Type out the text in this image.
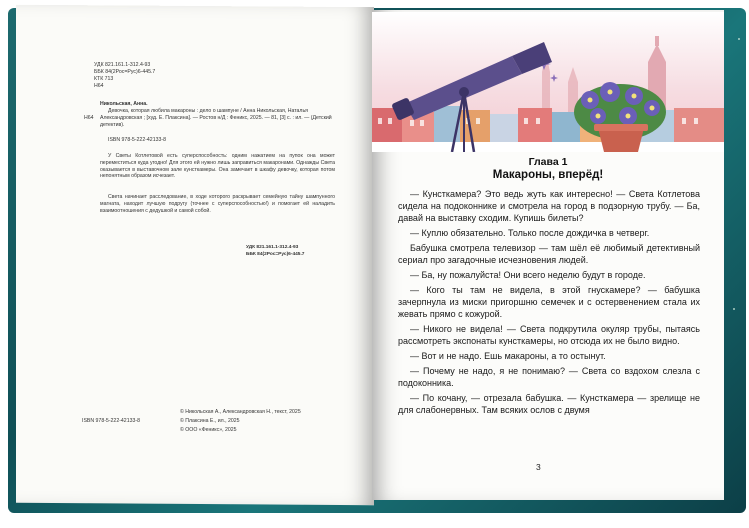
УДК 821.161.1-312.4-93
ББК 84(2Рос=Рус)6-445.7
КТК 713
Н64
Н64
Никольская, Анна.
Девочка, которая любила макароны : дело о шампуне / Анна Никольская, Наталья Александровская ; [худ. Е. Плаксина]. — Ростов н/Д : Феникс, 2025. — 81, [3] с. : ил. — (Детский детектив).
ISBN 978-5-222-42133-8
У Светы Котлетовой есть суперспособность: одним нажатием на пупок она может переместиться куда угодно! Для этого ей нужно лишь заправиться макаронами. Однажды Света оказывается в выставочном зале кунсткамеры. Она замечает в шкафу девочку, которая потом непонятным образом исчезает.
Света начинает расследование, в ходе которого раскрывает семейную тайну шампунного магната, находит лучшую подругу (точнее с суперспособностью!) и помогает ей наладить взаимоотношения с дедушкой и самой собой.
УДК 821.161.1-312.4-93
ББК 84(2Рос=Рус)6-445.7
ISBN 978-5-222-42133-8
© Никольская А., Александровская Н., текст, 2025
© Плаксина Е., ил., 2025
© ООО «Феникс», 2025
Глава 1
Макароны, вперёд!

— Кунсткамера? Это ведь жуть как интересно! — Света Котлетова сидела на подоконнике и смотрела на город в подзорную трубу. — Ба, давай на выставку сходим. Купишь билеты?

— Куплю обязательно. Только после дождичка в четверг.

Бабушка смотрела телевизор — там шёл её любимый детективный сериал про загадочные исчезновения людей.

— Ба, ну пожалуйста! Они всего неделю будут в городе.

— Кого ты там не видела, в этой гнускамере? — бабушка зачерпнула из миски пригоршню семечек и с остервенением стала их жевать прямо с кожурой.

— Никого не видела! — Света подкрутила окуляр трубы, пытаясь рассмотреть экспонаты кунсткамеры, но отсюда их не было видно.

— Вот и не надо. Ешь макароны, а то остынут.

— Почему не надо, я не понимаю? — Света со вздохом слезла с подоконника.

— По кочану, — отрезала бабушка. — Кунсткамера — зрелище не для слабонервных. Там всяких ослов с двумя

3
